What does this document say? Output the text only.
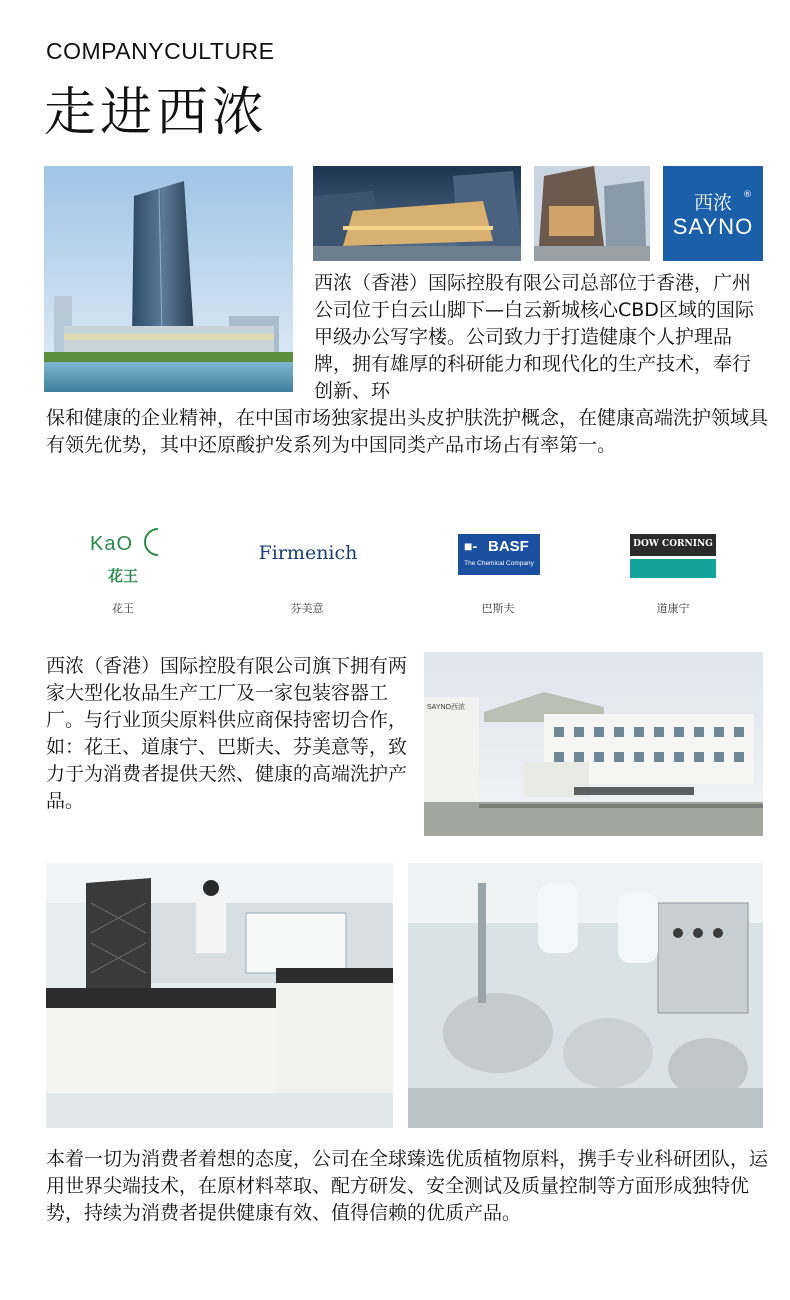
COMPANYCULTURE
走进西浓
西浓	®
SAYNO

西浓（香港）国际控股有限公司总部位于香港，广州公司位于白云山脚下—白云新城核心CBD区域的国际甲级办公写字楼。公司致力于打造健康个人护理品牌，拥有雄厚的科研能力和现代化的生产技术，奉行创新、环

保和健康的企业精神，在中国市场独家提出头皮护肤洗护概念，在健康高端洗护领域具有领先优势，其中还原酸护发系列为中国同类产品市场占有率第一。

KaO
花王
花王
Firmenich
芬美意
■- BASF
The Chemical Company
巴斯夫
DOW CORNING
道康宁

西浓（香港）国际控股有限公司旗下拥有两家大型化妆品生产工厂及一家包装容器工厂。与行业顶尖原料供应商保持密切合作，如：花王、道康宁、巴斯夫、芬美意等，致力于为消费者提供天然、健康的高端洗护产品。

SAYNO西浓

本着一切为消费者着想的态度，公司在全球臻选优质植物原料，携手专业科研团队，运用世界尖端技术，在原材料萃取、配方研发、安全测试及质量控制等方面形成独特优势，持续为消费者提供健康有效、值得信赖的优质产品。
